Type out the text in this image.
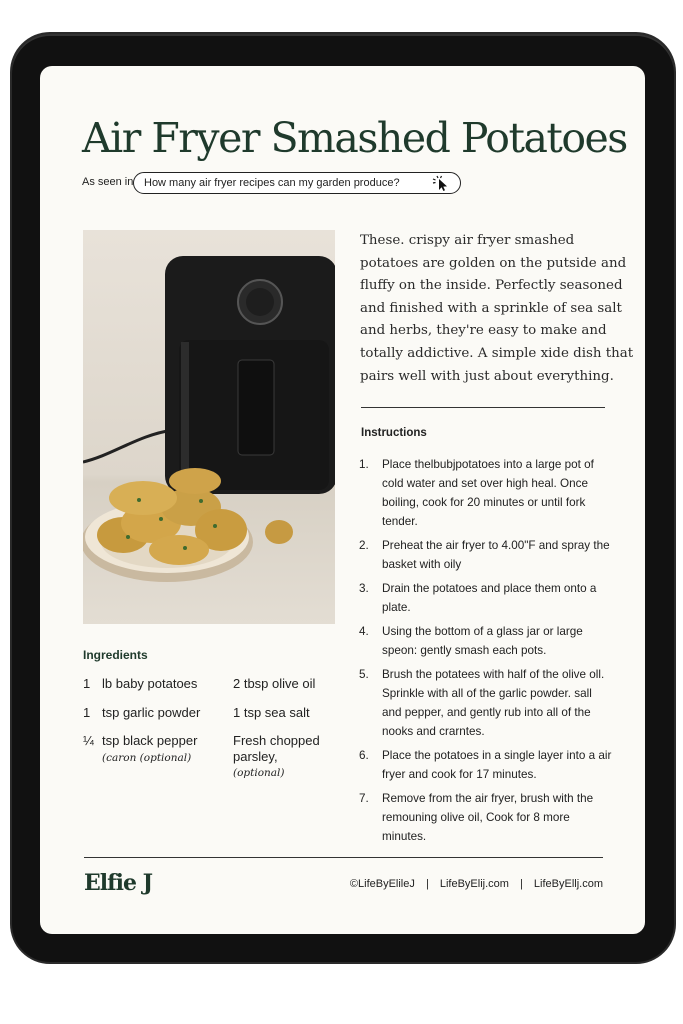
Air Fryer Smashed Potatoes
As seen in How many air fryer recipes can my garden produce?

These. crispy air fryer smashed potatoes are golden on the putside and fluffy on the inside. Perfectly seasoned and finished with a sprinkle of sea salt and herbs, they're easy to make and totally addictive. A simple xide dish that pairs well with just about everything.

Instructions
1. Place thelbubjpotatoes into a large pot of cold water and set over high heal. Once boiling, cook for 20 minutes or until fork tender.
2. Preheat the air fryer to 4.00"F and spray the basket with oily
3. Drain the potatoes and place them onto a plate.
4. Using the bottom of a glass jar or large speon: gently smash each pots.
5. Brush the potatees with half of the olive oll. Sprinkle with all of the garlic powder. sall and pepper, and gently rub into all of the nooks and crarntes.
6. Place the potatoes in a single layer into a air fryer and cook for 17 minutes.
7. Remove from the air fryer, brush with the remouning olive oil, Cook for 8 more minutes.
Ingredients
1 lb baby potatoes
1 tsp garlic powder
¼ tsp black pepper
(caron (optional)
2 tbsp olive oil
1 tsp sea salt
Fresh chopped parsley,
(optional)
Elfie J	©LifeByElileJ | LifeByElij.com | LifeByEllj.com
